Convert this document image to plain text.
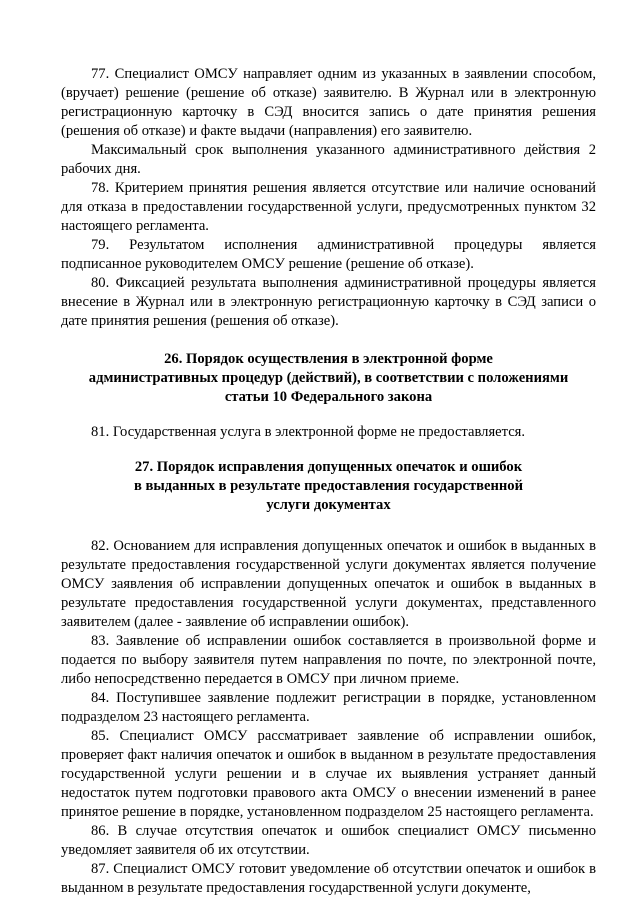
77. Специалист ОМСУ направляет одним из указанных в заявлении способом, (вручает) решение (решение об отказе) заявителю. В Журнал или в электронную регистрационную карточку в СЭД вносится запись о дате принятия решения (решения об отказе) и факте выдачи (направления) его заявителю.

Максимальный срок выполнения указанного административного действия 2 рабочих дня.

78. Критерием принятия решения является отсутствие или наличие оснований для отказа в предоставлении государственной услуги, предусмотренных пунктом 32 настоящего регламента.

79. Результатом исполнения административной процедуры является подписанное руководителем ОМСУ решение (решение об отказе).

80. Фиксацией результата выполнения административной процедуры является внесение в Журнал или в электронную регистрационную карточку в СЭД записи о дате принятия решения (решения об отказе).

26. Порядок осуществления в электронной форме

административных процедур (действий), в соответствии с положениями

статьи 10 Федерального закона

81. Государственная услуга в электронной форме не предоставляется.

27. Порядок исправления допущенных опечаток и ошибок

в выданных в результате предоставления государственной

услуги документах

82. Основанием для исправления допущенных опечаток и ошибок в выданных в результате предоставления государственной услуги документах является получение ОМСУ заявления об исправлении допущенных опечаток и ошибок в выданных в результате предоставления государственной услуги документах, представленного заявителем (далее - заявление об исправлении ошибок).

83. Заявление об исправлении ошибок составляется в произвольной форме и подается по выбору заявителя путем направления по почте, по электронной почте, либо непосредственно передается в ОМСУ при личном приеме.

84. Поступившее заявление подлежит регистрации в порядке, установленном подразделом 23 настоящего регламента.

85. Специалист ОМСУ рассматривает заявление об исправлении ошибок, проверяет факт наличия опечаток и ошибок в выданном в результате предоставления государственной услуги решении и в случае их выявления устраняет данный недостаток путем подготовки правового акта ОМСУ о внесении изменений в ранее принятое решение в порядке, установленном подразделом 25 настоящего регламента.

86. В случае отсутствия опечаток и ошибок специалист ОМСУ письменно уведомляет заявителя об их отсутствии.

87. Специалист ОМСУ готовит уведомление об отсутствии опечаток и ошибок в выданном в результате предоставления государственной услуги документе,
